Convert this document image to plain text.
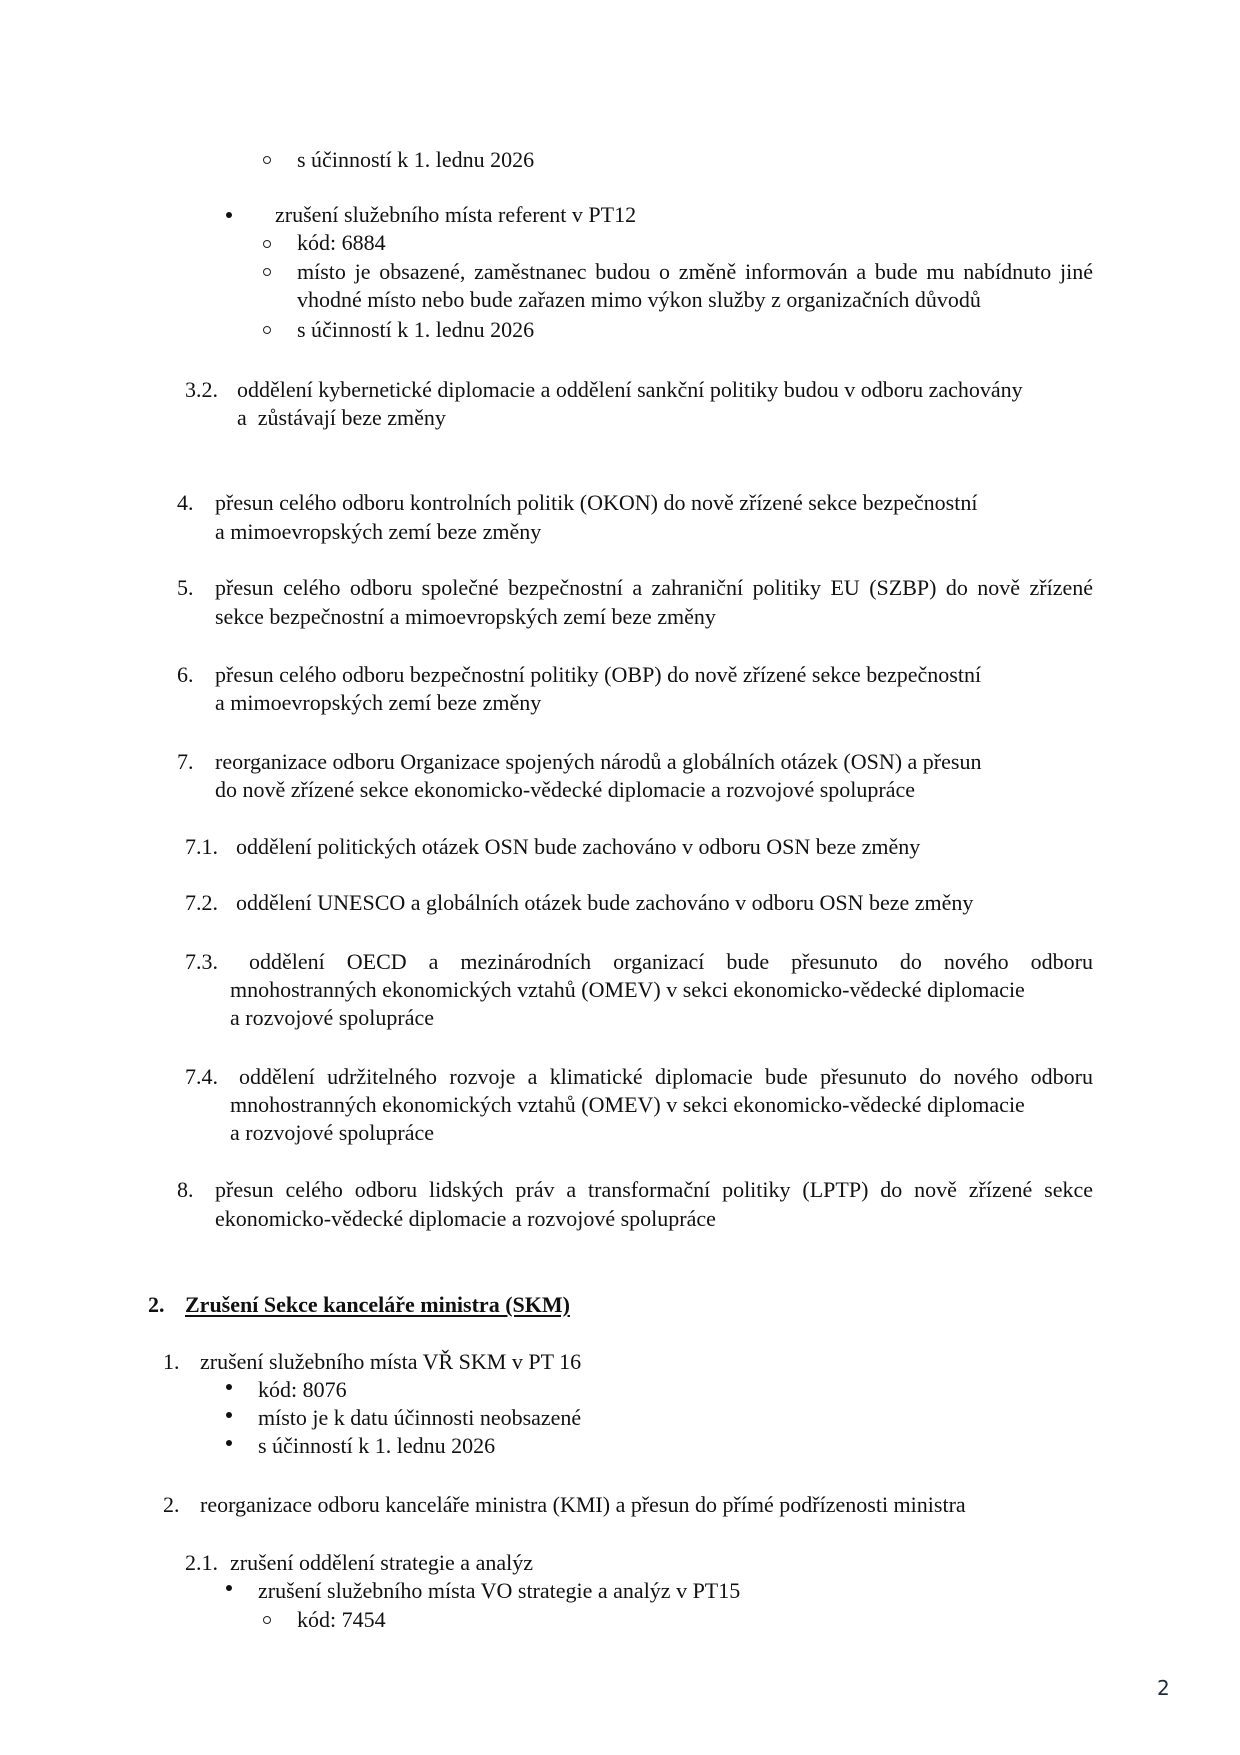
s účinností k 1. lednu 2026
zrušení služebního místa referent v PT12
kód: 6884
místo je obsazené, zaměstnanec budou o změně informován a bude mu nabídnuto jiné
vhodné místo nebo bude zařazen mimo výkon služby z organizačních důvodů
s účinností k 1. lednu 2026
3.2. oddělení kybernetické diplomacie a oddělení sankční politiky budou v odboru zachovány
a  zůstávají beze změny
4. přesun celého odboru kontrolních politik (OKON) do nově zřízené sekce bezpečnostní
a mimoevropských zemí beze změny
5. přesun celého odboru společné bezpečnostní a zahraniční politiky EU (SZBP) do nově zřízené
sekce bezpečnostní a mimoevropských zemí beze změny
6. přesun celého odboru bezpečnostní politiky (OBP) do nově zřízené sekce bezpečnostní
a mimoevropských zemí beze změny
7. reorganizace odboru Organizace spojených národů a globálních otázek (OSN) a přesun
do nově zřízené sekce ekonomicko-vědecké diplomacie a rozvojové spolupráce
7.1. oddělení politických otázek OSN bude zachováno v odboru OSN beze změny
7.2. oddělení UNESCO a globálních otázek bude zachováno v odboru OSN beze změny
7.3. oddělení OECD a mezinárodních organizací bude přesunuto do nového odboru
mnohostranných ekonomických vztahů (OMEV) v sekci ekonomicko-vědecké diplomacie
a rozvojové spolupráce
7.4. oddělení udržitelného rozvoje a klimatické diplomacie bude přesunuto do nového odboru
mnohostranných ekonomických vztahů (OMEV) v sekci ekonomicko-vědecké diplomacie
a rozvojové spolupráce
8. přesun celého odboru lidských práv a transformační politiky (LPTP) do nově zřízené sekce
ekonomicko-vědecké diplomacie a rozvojové spolupráce
2. Zrušení Sekce kanceláře ministra (SKM)
1. zrušení služebního místa VŘ SKM v PT 16
kód: 8076
místo je k datu účinnosti neobsazené
s účinností k 1. lednu 2026
2. reorganizace odboru kanceláře ministra (KMI) a přesun do přímé podřízenosti ministra
2.1. zrušení oddělení strategie a analýz
zrušení služebního místa VO strategie a analýz v PT15
kód: 7454
2
